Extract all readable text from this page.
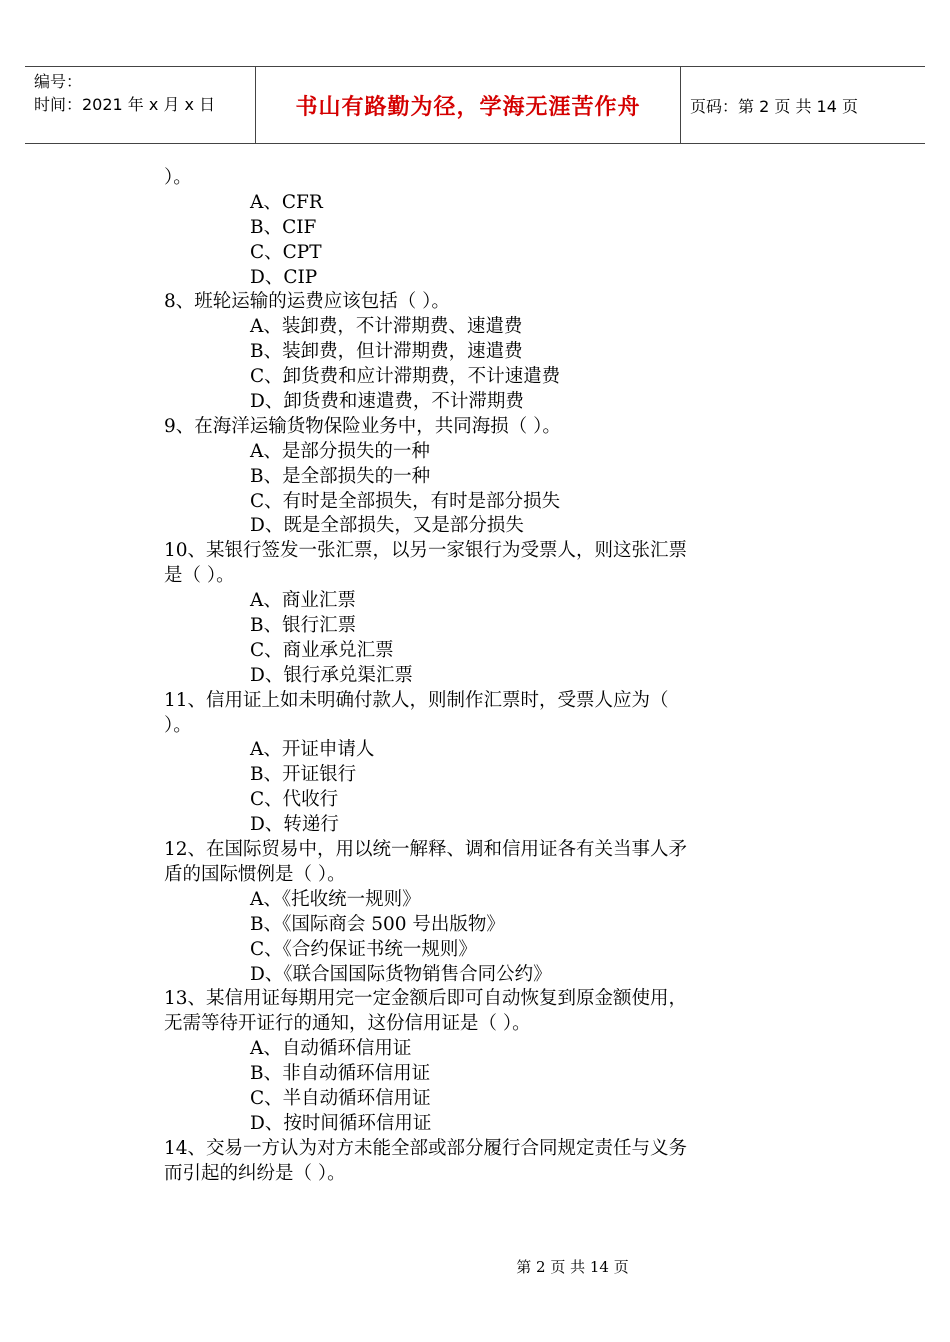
编号：
时间：2021 年 x 月 x 日	书山有路勤为径，学海无涯苦作舟	页码：第 2 页 共 14 页
）。
A、CFR
B、CIF
C、CPT
D、CIP
8、班轮运输的运费应该包括（ ）。
A、装卸费，不计滞期费、速遣费
B、装卸费，但计滞期费，速遣费
C、卸货费和应计滞期费，不计速遣费
D、卸货费和速遣费，不计滞期费
9、在海洋运输货物保险业务中，共同海损（ ）。
A、是部分损失的一种
B、是全部损失的一种
C、有时是全部损失，有时是部分损失
D、既是全部损失，又是部分损失
10、某银行签发一张汇票，以另一家银行为受票人，则这张汇票
是（ ）。
A、商业汇票
B、银行汇票
C、商业承兑汇票
D、银行承兑渠汇票
11、信用证上如未明确付款人，则制作汇票时，受票人应为（
）。
A、开证申请人
B、开证银行
C、代收行
D、转递行
12、在国际贸易中，用以统一解释、调和信用证各有关当事人矛
盾的国际惯例是（ ）。
A、《托收统一规则》
B、《国际商会 500 号出版物》
C、《合约保证书统一规则》
D、《联合国国际货物销售合同公约》
13、某信用证每期用完一定金额后即可自动恢复到原金额使用，
无需等待开证行的通知，这份信用证是（ ）。
A、自动循环信用证
B、非自动循环信用证
C、半自动循环信用证
D、按时间循环信用证
14、交易一方认为对方未能全部或部分履行合同规定责任与义务
而引起的纠纷是（ ）。
第 2 页 共 14 页
